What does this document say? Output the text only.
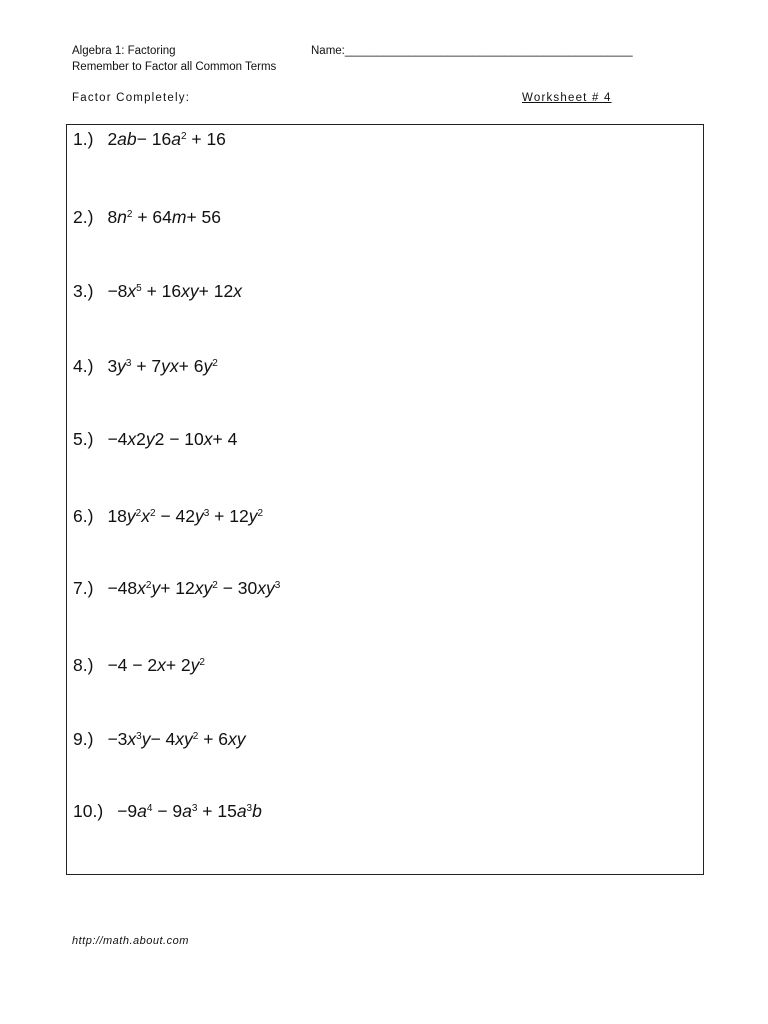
Algebra 1: Factoring	Name:_____________________________________________
Remember to Factor all Common Terms
Factor Completely:	Worksheet # 4
1.) $2ab- 16a^2 + 16$
2.) $8n^2 + 64m+ 56$
$3.) -8x^5 + 16xy+ 12x$
4.) $3y^3 + 7yx+ 6y^2$
5.) −4x2y2 − 10x+ 4
6.) $18y^2x^2 - 42y^3 + 12y^2$
$7.) -48x^2y+ 12xy^2 - 30xy^3$
$8.) -4 - 2x+ 2y^2$
$9.) -3x^3y- 4xy^2 + 6xy$
$10.) -9a^4 - 9a^3 + 15a^3b$
http://math.about.com
